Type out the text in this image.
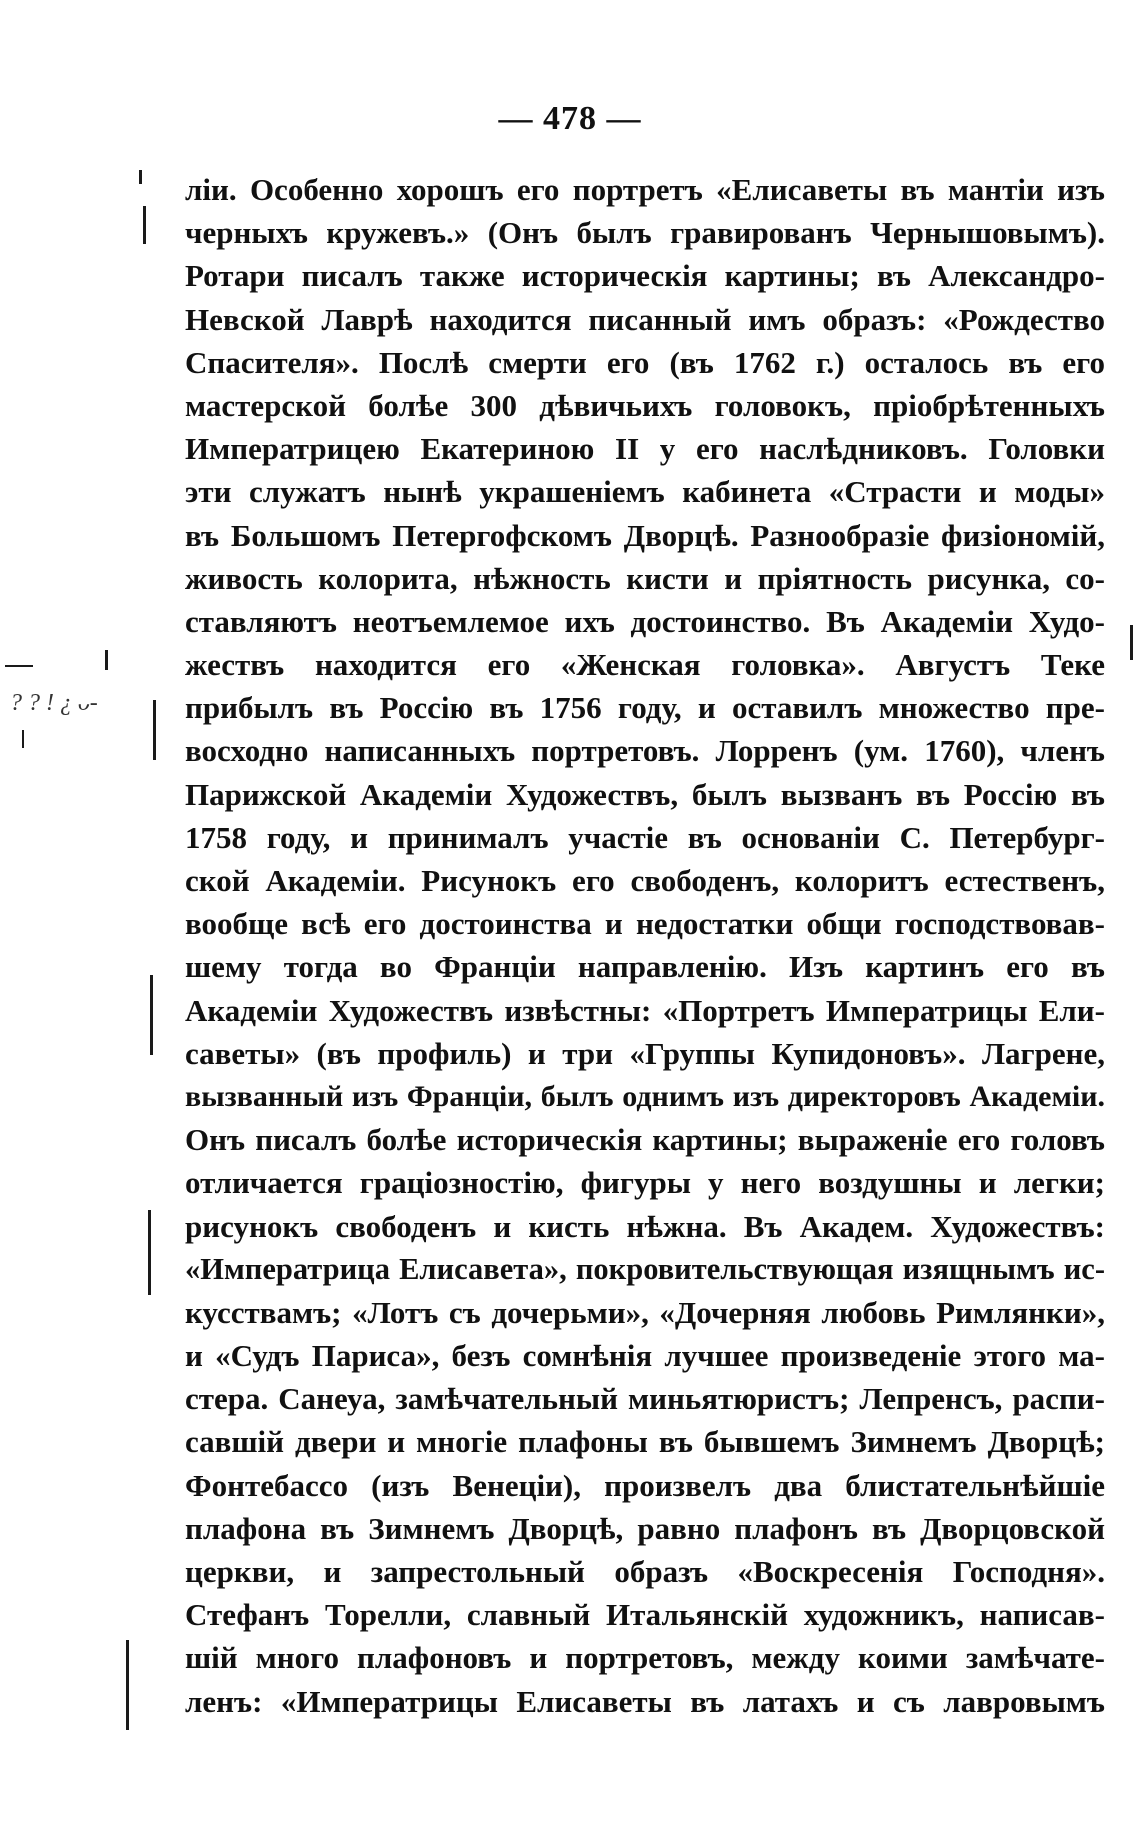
— 478 —
ліи. Особенно хорошъ его портретъ «Елисаветы въ мантіи изъ
черныхъ кружевъ.» (Онъ былъ гравированъ Чернышовымъ).
Ротари писалъ также историческія картины; въ Александро-
Невской Лаврѣ находится писанный имъ образъ: «Рождество
Спасителя». Послѣ смерти его (въ 1762 г.) осталось въ его
мастерской болѣе 300 дѣвичьихъ головокъ, пріобрѣтенныхъ
Императрицею Екатериною II у его наслѣдниковъ. Головки
эти служатъ нынѣ украшеніемъ кабинета «Страсти и моды»
въ Большомъ Петергофскомъ Дворцѣ. Разнообразіе физіономій,
живость колорита, нѣжность кисти и пріятность рисунка, со-
ставляютъ неотъемлемое ихъ достоинство. Въ Академіи Худо-
жествъ находится его «Женская головка». Августъ Теке
прибылъ въ Россію въ 1756 году, и оставилъ множество пре-
восходно написанныхъ портретовъ. Лорренъ (ум. 1760), членъ
Парижской Академіи Художествъ, былъ вызванъ въ Россію въ
1758 году, и принималъ участіе въ основаніи С. Петербург-
ской Академіи. Рисунокъ его свободенъ, колоритъ естественъ,
вообще всѣ его достоинства и недостатки общи господствовав-
шему тогда во Франціи направленію. Изъ картинъ его въ
Академіи Художествъ извѣстны: «Портретъ Императрицы Ели-
саветы» (въ профиль) и три «Группы Купидоновъ». Лагрене,
вызванный изъ Франціи, былъ однимъ изъ директоровъ Академіи.
Онъ писалъ болѣе историческія картины; выраженіе его головъ
отличается граціозностію, фигуры у него воздушны и легки;
рисунокъ свободенъ и кисть нѣжна. Въ Академ. Художествъ:
«Императрица Елисавета», покровительствующая изящнымъ ис-
кусствамъ; «Лотъ съ дочерьми», «Дочерняя любовь Римлянки»,
и «Судъ Париса», безъ сомнѣнія лучшее произведеніе этого ма-
стера. Санеуа, замѣчательный миньятюристъ; Лепренсъ, распи-
савшій двери и многіе плафоны въ бывшемъ Зимнемъ Дворцѣ;
Фонтебассо (изъ Венеціи), произвелъ два блистательнѣйшіе
плафона въ Зимнемъ Дворцѣ, равно плафонъ въ Дворцовской
церкви, и запрестольный образъ «Воскресенія Господня».
Стефанъ Торелли, славный Итальянскій художникъ, написав-
шій много плафоновъ и портретовъ, между коими замѣчате-
ленъ: «Императрицы Елисаветы въ латахъ и съ лавровымъ
? ? ! ¿ ᴗ-
